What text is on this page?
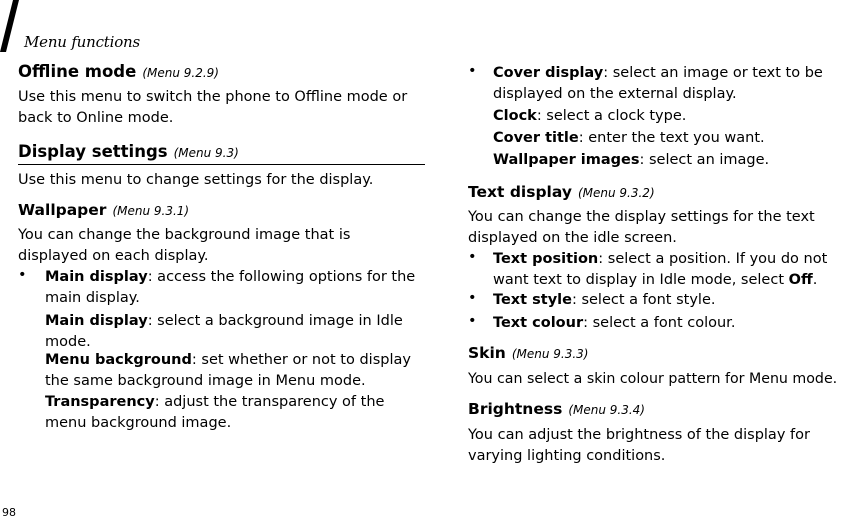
Menu functions
Offline mode (Menu 9.2.9)
Use this menu to switch the phone to Offline mode or back to Online mode.
Display settings (Menu 9.3)
Use this menu to change settings for the display.
Wallpaper (Menu 9.3.1)
You can change the background image that is displayed on each display.
• Main display: access the following options for the main display.
Main display: select a background image in Idle mode.
Menu background: set whether or not to display the same background image in Menu mode.
Transparency: adjust the transparency of the menu background image.
• Cover display: select an image or text to be displayed on the external display.
Clock: select a clock type.
Cover title: enter the text you want.
Wallpaper images: select an image.
Text display (Menu 9.3.2)
You can change the display settings for the text displayed on the idle screen.
• Text position: select a position. If you do not want text to display in Idle mode, select Off.
• Text style: select a font style.
• Text colour: select a font colour.
Skin (Menu 9.3.3)
You can select a skin colour pattern for Menu mode.
Brightness (Menu 9.3.4)
You can adjust the brightness of the display for varying lighting conditions.
98
